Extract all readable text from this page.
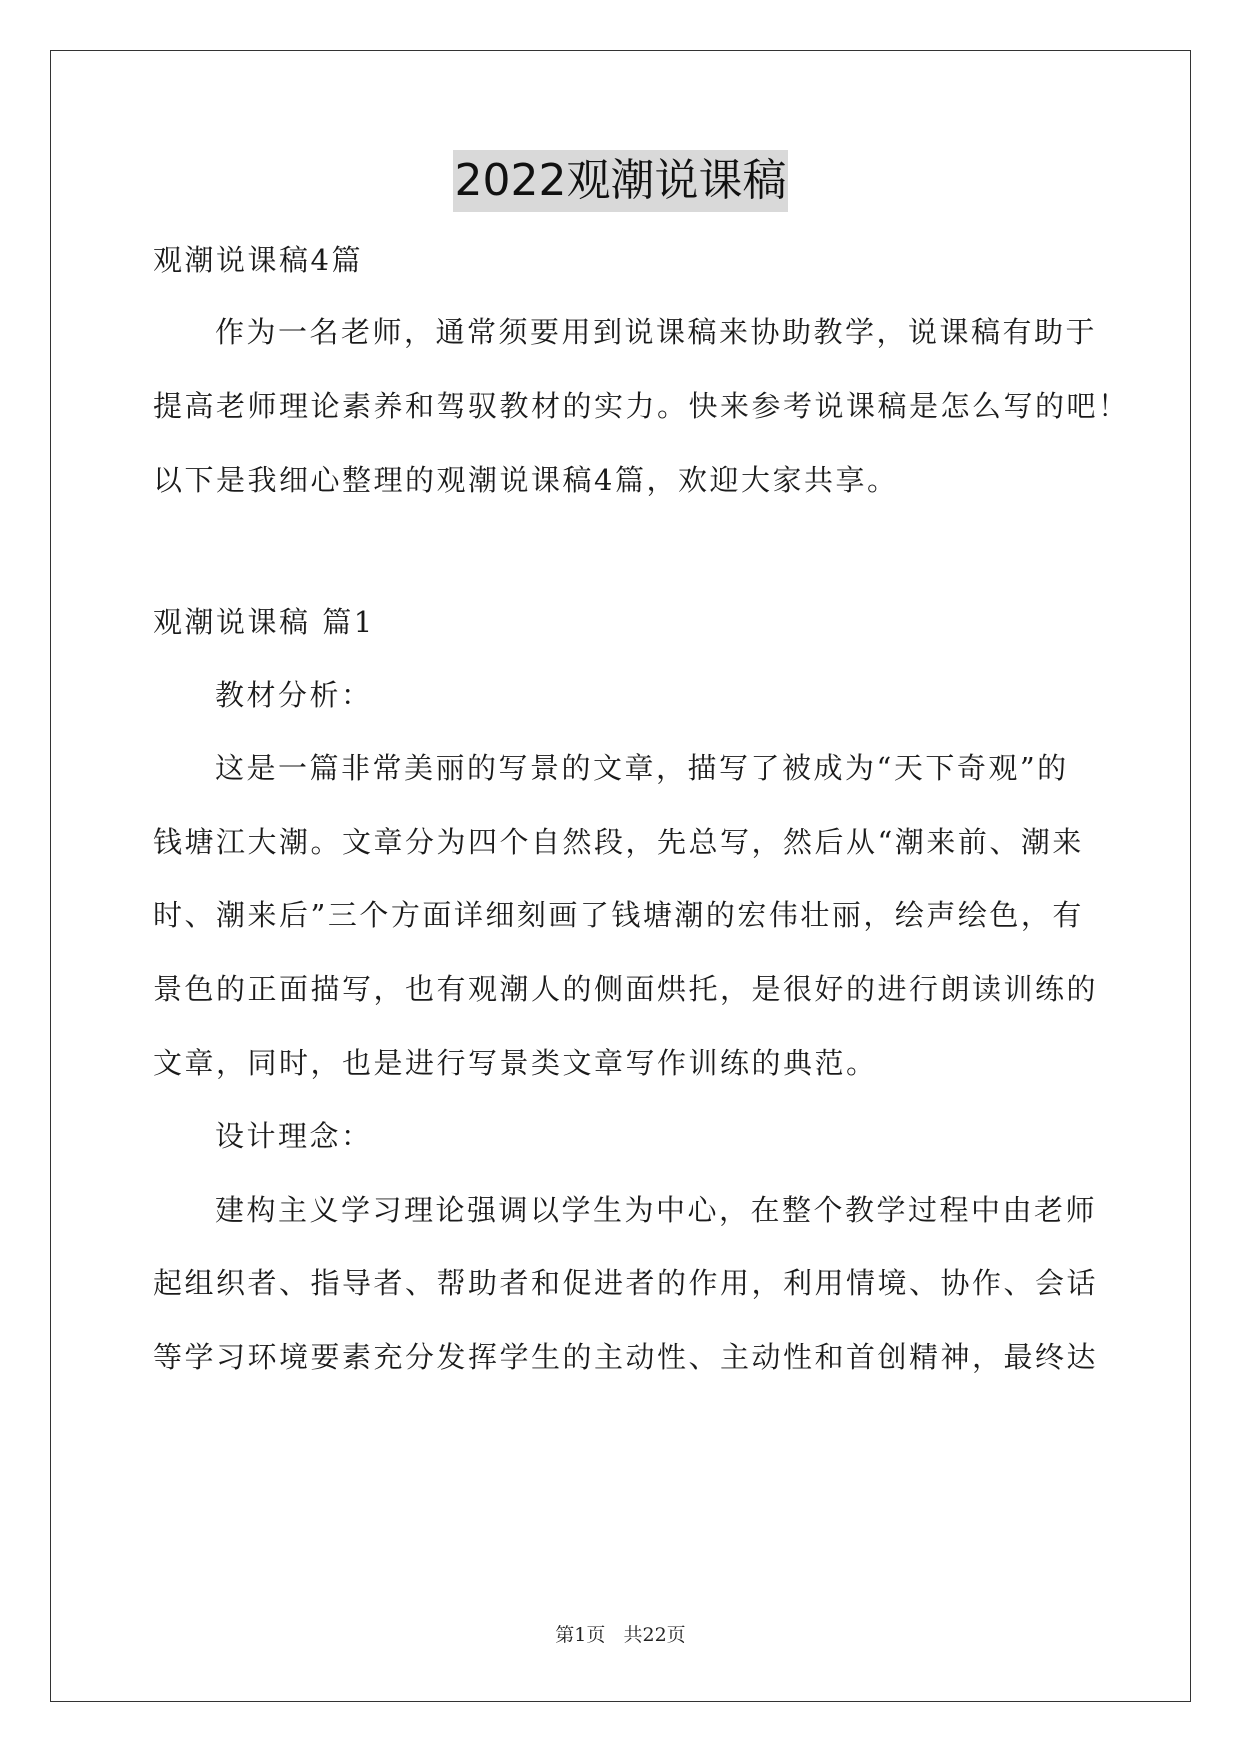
2022观潮说课稿
观潮说课稿4篇
作为一名老师，通常须要用到说课稿来协助教学，说课稿有助于
提高老师理论素养和驾驭教材的实力。快来参考说课稿是怎么写的吧！
以下是我细心整理的观潮说课稿4篇，欢迎大家共享。
观潮说课稿 篇1
教材分析：
这是一篇非常美丽的写景的文章，描写了被成为“天下奇观”的
钱塘江大潮。文章分为四个自然段，先总写，然后从“潮来前、潮来
时、潮来后”三个方面详细刻画了钱塘潮的宏伟壮丽，绘声绘色，有
景色的正面描写，也有观潮人的侧面烘托，是很好的进行朗读训练的
文章，同时，也是进行写景类文章写作训练的典范。
设计理念：
建构主义学习理论强调以学生为中心，在整个教学过程中由老师
起组织者、指导者、帮助者和促进者的作用，利用情境、协作、会话
等学习环境要素充分发挥学生的主动性、主动性和首创精神，最终达
第1页   共22页
